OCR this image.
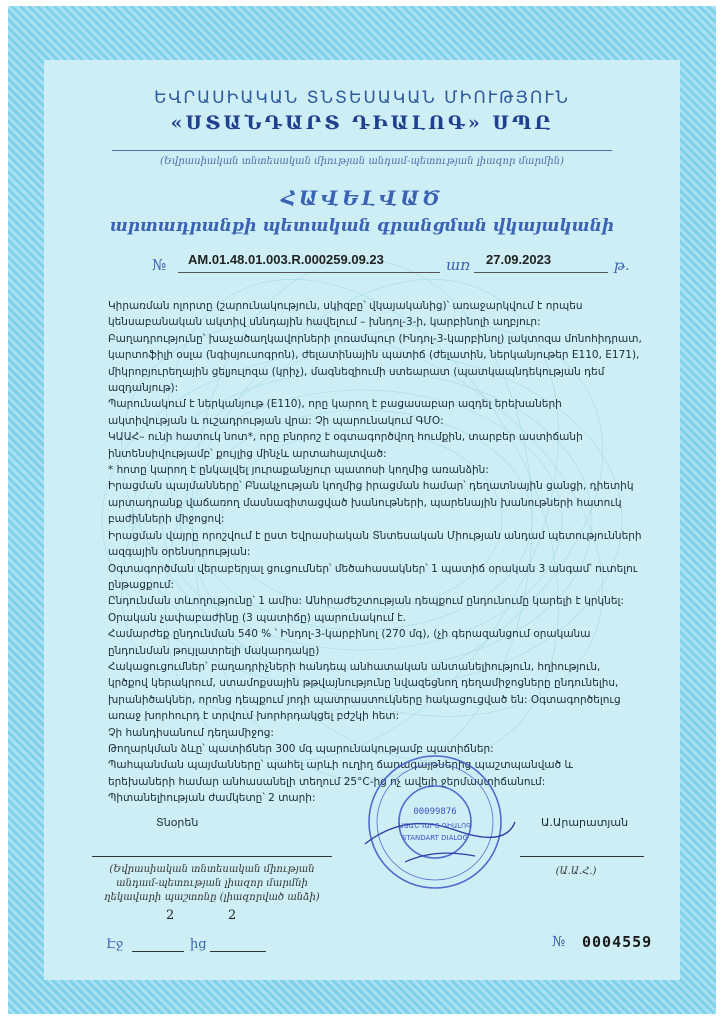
ԵՎՐԱՍԻԱԿԱՆ ՏՆՏԵՍԱԿԱՆ ՄԻՈՒԹՅՈՒՆ
«ՍՏԱՆԴԱՐՏ ԴԻԱԼՈԳ» ՍՊԸ
(Եվրասիական տնտեսական միության անդամ-պետության լիազոր մարմին)
ՀԱՎԵԼՎԱԾ
արտադրանքի պետական գրանցման վկայականի
№ AM.01.48.01.003.R.000259.09.23	առ 27.09.2023	թ.

Կիրառման ոլորտը (շարունակություն, սկիզբը՝ վկայականից)՝ առաջարկվում է որպես կենսաբանական ակտիվ սննդային հավելում – խնդոլ-3-ի, կարբինոլի աղբյուր:

Բաղադրությունը՝ խաչածաղկավորների լոռամպուր (Ինդոլ-3-կարբինոլ) լակտոզա մոնոհիդրատ, կարտոֆիլի օսլա (նգիսյուսոգրոն), ժելատինային պատիճ (ժելատին, ներկանյութեր E110, E171), միկրոբյուրեղային ցելյուլոզա (կրիչ), մագնեզիումի ստեարատ (պատկապնդեկության դեմ ազդանյութ):

Պարունակում է ներկանյութ (E110), որը կարող է բացասաբար ազդել երեխաների ակտիվության և ուշադրության վրա: Չի պարունակում ԳՄՕ:

ԿԱԱՀ– ունի հատուկ նոտ*, որը բնորոշ է օգտագործվող հումքին, տարբեր աստիճանի ինտենսիվությամբ՝ քույլից մինչև արտահայտված:

* հոտը կարող է ընկալվել յուրաքանչյուր պատոսի կողմից առանձին:

Իրացման պայմանները՝ Բնակչության կողմից իրացման համար՝ դեղատնային ցանցի, դիետիկ արտադրանք վաճառող մասնագիտացված խանութների, պարենային խանութների հատուկ բաժինների միջոցով:

Իրացման վայրը որոշվում է ըստ Եվրասիական Տնտեսական Միության անդամ պետությունների ազգային օրենսդրության:

Օգտագործման վերաբերյալ ցուցումներ՝ մեծահասակներ՝ 1 պատիճ օրական 3 անգամ՝ ուտելու ընթացքում:

Ընդունման տևողությունը՝ 1 ամիս: Անհրաժեշտության դեպքում ընդունումը կարելի է կրկնել:

Օրական չափաբաժինը (3 պատիճը) պարունակում է.

Համարժեք ընդունման 540 % ՝ Ինդոլ-3-կարբինոլ (270 մգ), (չի գերազանցում օրականա ընդունման թույլատրելի մակարդակը)

Հակացուցումներ՝ բաղադրիչների հանդեպ անհատական անտանելիություն, հղիություն, կրծքով կերակրում, ստամոքսային թթվայնությունը նվազեցնող դեղամիջոցները ընդունելիս, խրանիծակներ, որոնց դեպքում յոդի պատրաստուկները հակացուցված են: Օգտագործելուց առաջ խորհուրդ է տրվում խորհրդակցել բժշկի հետ:

Չի հանդիսանում դեղամիջոց:

Թողարկման ձևը՝ պատիճներ 300 մգ պարունակությամբ պատիճներ:

Պահպանման պայմանները՝ պահել արևի ուղիղ ճառագայթներից պաշտպանված և երեխաների համար անհասանելի տեղում 25°C-ից ոչ ավելի ջերմաստիճանում:

Պիտանելիության ժամկետը՝ 2 տարի:

00099876
ՍՏԱՆԴԱՐՏ ԴԻԱԼՈԳ
STANDART DIALOG
Տնօրեն	Ա.Արարատյան
(Եվրասիական տնտեսական միության անդամ-պետության լիազոր մարմնի ղեկավարի պաշտոնը (լիազորված անձի)
(Ա.Ա.Հ.)
2	2
Էջ	ից	№ 0004559
